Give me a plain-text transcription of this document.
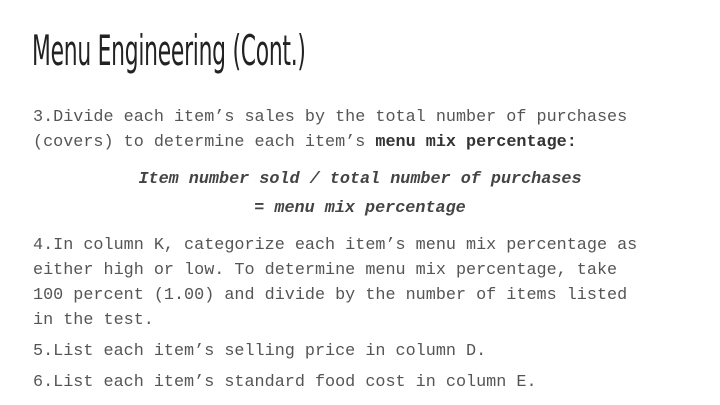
Menu Engineering (Cont.)
3.Divide each item’s sales by the total number of purchases
(covers) to determine each item’s menu mix percentage:
Item number sold / total number of purchases
= menu mix percentage
4.In column K, categorize each item’s menu mix percentage as
either high or low. To determine menu mix percentage, take
100 percent (1.00) and divide by the number of items listed
in the test.
5.List each item’s selling price in column D.
6.List each item’s standard food cost in column E.
